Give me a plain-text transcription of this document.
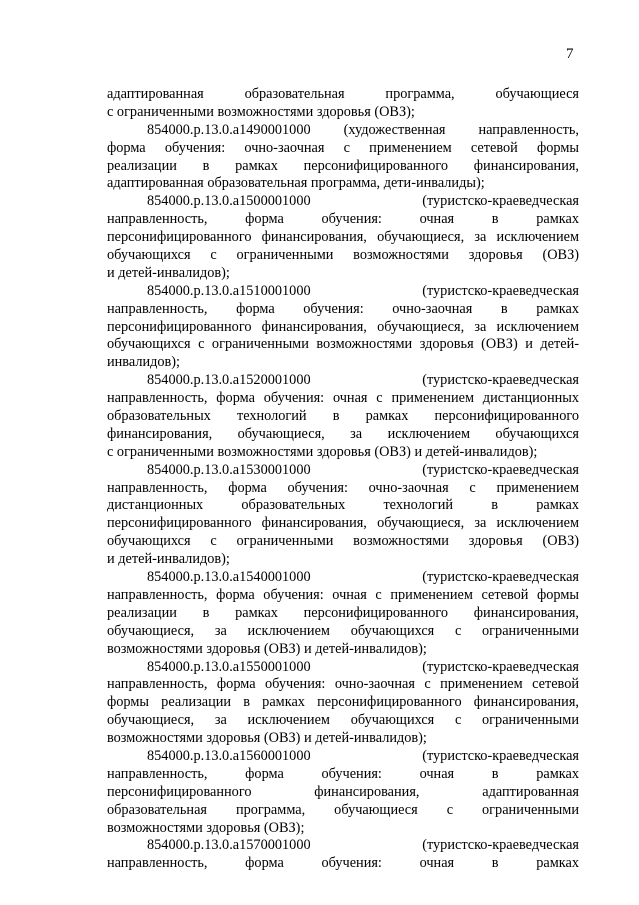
7
адаптированная образовательная программа, обучающиеся
с ограниченными возможностями здоровья (ОВЗ);
854000.р.13.0.а1490001000 (художественная направленность,
форма обучения: очно-заочная с применением сетевой формы
реализации в рамках персонифицированного финансирования,
адаптированная образовательная программа, дети-инвалиды);
854000.р.13.0.а1500001000 (туристско-краеведческая
направленность, форма обучения: очная в рамках
персонифицированного финансирования, обучающиеся, за исключением
обучающихся с ограниченными возможностями здоровья (ОВЗ)
и детей-инвалидов);
854000.р.13.0.а1510001000 (туристско-краеведческая
направленность, форма обучения: очно-заочная в рамках
персонифицированного финансирования, обучающиеся, за исключением
обучающихся с ограниченными возможностями здоровья (ОВЗ) и детей-
инвалидов);
854000.р.13.0.а1520001000 (туристско-краеведческая
направленность, форма обучения: очная с применением дистанционных
образовательных технологий в рамках персонифицированного
финансирования, обучающиеся, за исключением обучающихся
с ограниченными возможностями здоровья (ОВЗ) и детей-инвалидов);
854000.р.13.0.а1530001000 (туристско-краеведческая
направленность, форма обучения: очно-заочная с применением
дистанционных образовательных технологий в рамках
персонифицированного финансирования, обучающиеся, за исключением
обучающихся с ограниченными возможностями здоровья (ОВЗ)
и детей-инвалидов);
854000.р.13.0.а1540001000 (туристско-краеведческая
направленность, форма обучения: очная с применением сетевой формы
реализации в рамках персонифицированного финансирования,
обучающиеся, за исключением обучающихся с ограниченными
возможностями здоровья (ОВЗ) и детей-инвалидов);
854000.р.13.0.а1550001000 (туристско-краеведческая
направленность, форма обучения: очно-заочная с применением сетевой
формы реализации в рамках персонифицированного финансирования,
обучающиеся, за исключением обучающихся с ограниченными
возможностями здоровья (ОВЗ) и детей-инвалидов);
854000.р.13.0.а1560001000 (туристско-краеведческая
направленность, форма обучения: очная в рамках
персонифицированного финансирования, адаптированная
образовательная программа, обучающиеся с ограниченными
возможностями здоровья (ОВЗ);
854000.р.13.0.а1570001000 (туристско-краеведческая
направленность, форма обучения: очная в рамках
